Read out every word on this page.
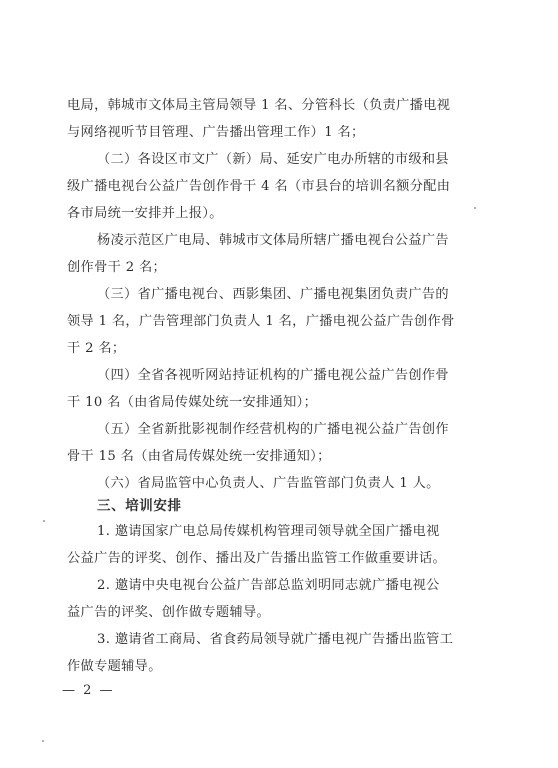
电局，韩城市文体局主管局领导 1 名、分管科长（负责广播电视
与网络视听节目管理、广告播出管理工作）1 名；
（二）各设区市文广（新）局、延安广电办所辖的市级和县
级广播电视台公益广告创作骨干 4 名（市县台的培训名额分配由
各市局统一安排并上报）。
杨凌示范区广电局、韩城市文体局所辖广播电视台公益广告
创作骨干 2 名；
（三）省广播电视台、西影集团、广播电视集团负责广告的
领导 1 名，广告管理部门负责人 1 名，广播电视公益广告创作骨
干 2 名；
（四）全省各视听网站持证机构的广播电视公益广告创作骨
干 10 名（由省局传媒处统一安排通知）；
（五）全省新批影视制作经营机构的广播电视公益广告创作
骨干 15 名（由省局传媒处统一安排通知）；
（六）省局监管中心负责人、广告监管部门负责人 1 人。
三、培训安排
1. 邀请国家广电总局传媒机构管理司领导就全国广播电视
公益广告的评奖、创作、播出及广告播出监管工作做重要讲话。
2. 邀请中央电视台公益广告部总监刘明同志就广播电视公
益广告的评奖、创作做专题辅导。
3. 邀请省工商局、省食药局领导就广播电视广告播出监管工
作做专题辅导。
— 2 —
